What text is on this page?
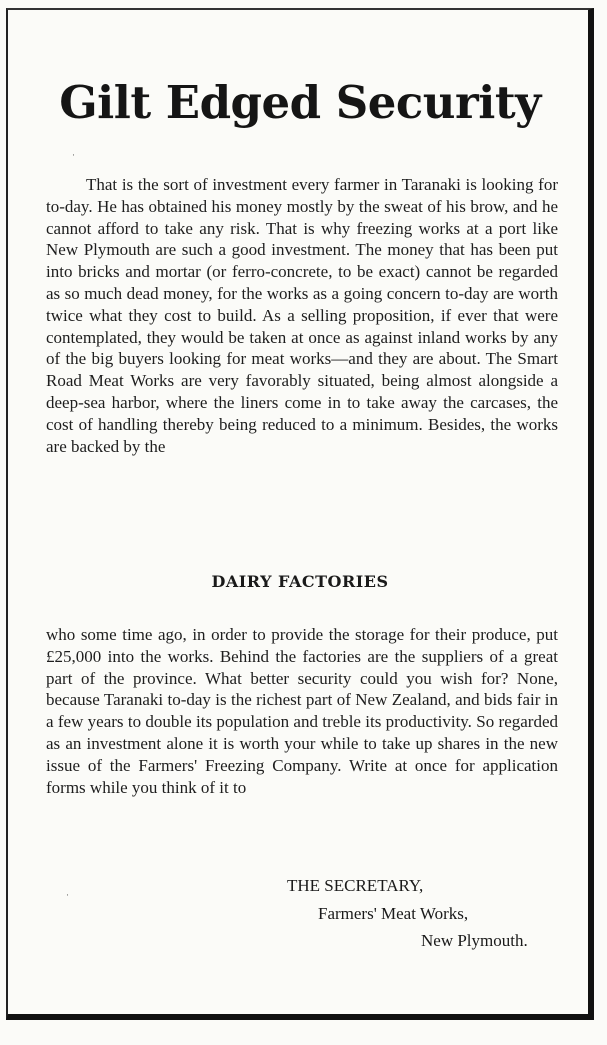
Gilt Edged Security

That is the sort of investment every farmer in Taranaki is looking for to-day. He has obtained his money mostly by the sweat of his brow, and he cannot afford to take any risk. That is why freezing works at a port like New Plymouth are such a good investment. The money that has been put into bricks and mortar (or ferro-concrete, to be exact) cannot be regarded as so much dead money, for the works as a going concern to-day are worth twice what they cost to build. As a selling proposition, if ever that were contemplated, they would be taken at once as against inland works by any of the big buyers looking for meat works—and they are about. The Smart Road Meat Works are very favorably situated, being almost alongside a deep-sea harbor, where the liners come in to take away the carcases, the cost of handling thereby being reduced to a minimum. Besides, the works are backed by the

DAIRY FACTORIES

who some time ago, in order to provide the storage for their produce, put £25,000 into the works. Behind the factories are the suppliers of a great part of the province. What better security could you wish for? None, because Taranaki to-day is the richest part of New Zealand, and bids fair in a few years to double its population and treble its productivity. So regarded as an investment alone it is worth your while to take up shares in the new issue of the Farmers' Freezing Company. Write at once for application forms while you think of it to

THE SECRETARY,

Farmers' Meat Works,

New Plymouth.

·
·
